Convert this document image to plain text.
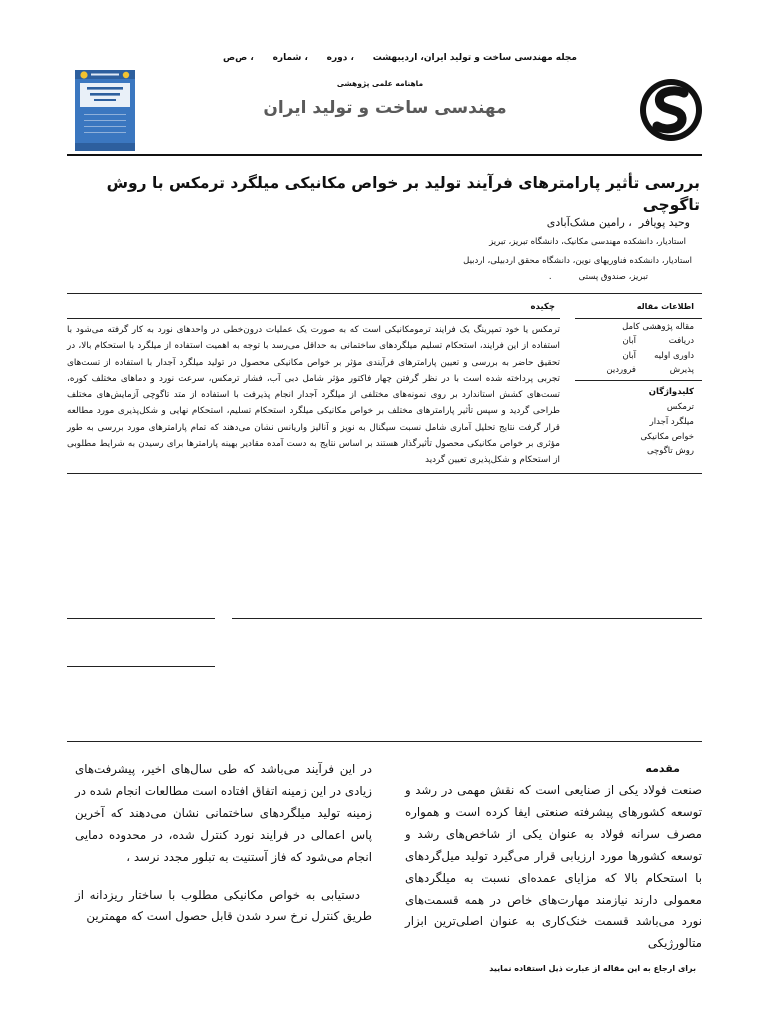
مجله مهندسی ساخت و تولید ایران، اردیبهشت      ، دوره      ، شماره      ، ص‌ص
ماهنامه علمی پژوهشی
مهندسی ساخت و تولید ایران
بررسی تأثیر پارامترهای فرآیند تولید بر خواص مکانیکی میلگرد ترمکس با روش تاگوچی
وحید پویافر  ، رامین مشک‌آبادی
استادیار، دانشکده مهندسی مکانیک، دانشگاه تبریز، تبریز
استادیار، دانشکده فناوریهای نوین، دانشگاه محقق اردبیلی، اردبیل
تبریز، صندوق پستی          .
اطلاعات مقاله
مقاله پژوهشی کامل
دریافت
آبان
داوری اولیه
آبان
پذیرش
فروردین
کلیدواژگان
ترمکس
میلگرد آجدار
خواص مکانیکی
روش تاگوچی
چکیده

ترمکس یا خود تمپرینگ یک فرایند ترمومکانیکی است که به صورت یک عملیات درون‌خطی در واحدهای نورد به کار گرفته می‌شود با استفاده از این فرایند، استحکام تسلیم میلگردهای ساختمانی به حداقل می‌رسد با توجه به اهمیت استفاده از میلگرد با استحکام بالا، در تحقیق حاضر به بررسی و تعیین پارامترهای فرآیندی مؤثر بر خواص مکانیکی محصول در تولید میلگرد آجدار با استفاده از تست‌های تجربی پرداخته شده است با در نظر گرفتن چهار فاکتور مؤثر شامل دبی آب، فشار ترمکس، سرعت نورد و دماهای مختلف کوره، تست‌های کشش استاندارد بر روی نمونه‌های مختلفی از میلگرد آجدار انجام پذیرفت با استفاده از متد تاگوچی آزمایش‌های مختلف طراحی گردید و سپس تأثیر پارامترهای مختلف بر خواص مکانیکی میلگرد استحکام تسلیم، استحکام نهایی و شکل‌پذیری مورد مطالعه قرار گرفت نتایج تحلیل آماری شامل نسبت سیگنال به نویز و آنالیز واریانس نشان می‌دهند که تمام پارامترهای مورد بررسی به طور مؤثری بر خواص مکانیکی محصول تأثیرگذار هستند بر اساس نتایج به دست آمده مقادیر بهینه پارامترها برای رسیدن به شرایط مطلوبی از استحکام و شکل‌پذیری تعیین گردید

مقدمه

صنعت فولاد یکی از صنایعی است که نقش مهمی در رشد و توسعه کشورهای پیشرفته صنعتی ایفا کرده است و همواره مصرف سرانه فولاد به عنوان یکی از شاخص‌های رشد و توسعه کشورها مورد ارزیابی قرار می‌گیرد تولید میل‌گردهای با استحکام بالا که مزایای عمده‌ای نسبت به میلگردهای معمولی دارند نیازمند مهارت‌های خاص در همه قسمت‌های نورد می‌باشد قسمت خنک‌کاری به عنوان اصلی‌ترین ابزار متالورژیکی

برای ارجاع به این مقاله از عبارت ذیل استفاده نمایید

در این فرآیند می‌باشد که طی سال‌های اخیر، پیشرفت‌های زیادی در این زمینه اتفاق افتاده است مطالعات انجام شده در زمینه تولید میلگردهای ساختمانی نشان می‌دهند که آخرین پاس اعمالی در فرایند نورد کنترل شده، در محدوده دمایی انجام می‌شود که فاز آستنیت به تبلور مجدد نرسد ،

دستیابی به خواص مکانیکی مطلوب با ساختار ریزدانه از طریق کنترل نرخ سرد شدن قابل حصول است که مهمترین
